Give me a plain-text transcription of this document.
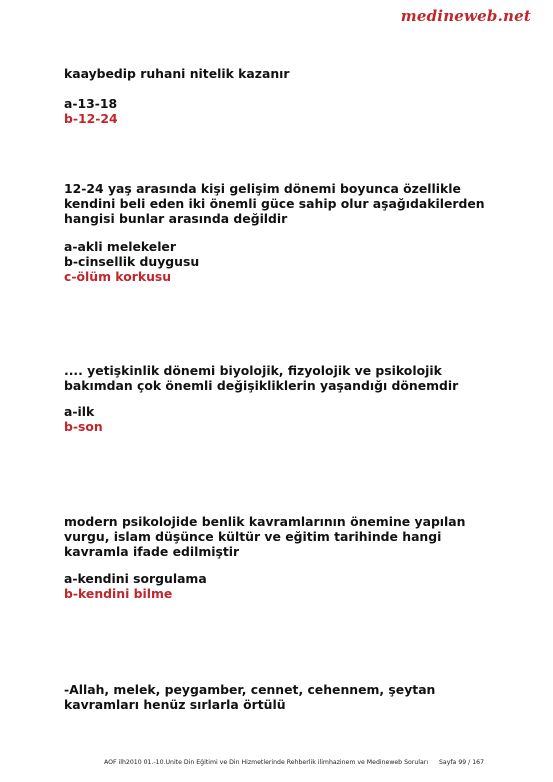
medineweb.net

kaaybedip ruhani nitelik kazanır

a-13-18

b-12-24

12-24 yaş arasında kişi gelişim dönemi boyunca özellikle kendini beli eden iki önemli güce sahip olur aşağıdakilerden hangisi bunlar arasında değildir

a-akli melekeler

b-cinsellik duygusu

c-ölüm korkusu

.... yetişkinlik dönemi biyolojik, fizyolojik ve psikolojik bakımdan çok önemli değişikliklerin yaşandığı dönemdir

a-ilk

b-son

modern psikolojide benlik kavramlarının önemine yapılan vurgu, islam düşünce kültür ve eğitim tarihinde hangi kavramla ifade edilmiştir

a-kendini sorgulama

b-kendini bilme

-Allah, melek, peygamber, cennet, cehennem, şeytan kavramları henüz sırlarla örtülü

AÖF ilh2010 01.-10.Ünite Din Eğitimi ve Din Hizmetlerinde Rehberlik ilimhazinem ve Medineweb Soruları Sayfa 99 / 167
